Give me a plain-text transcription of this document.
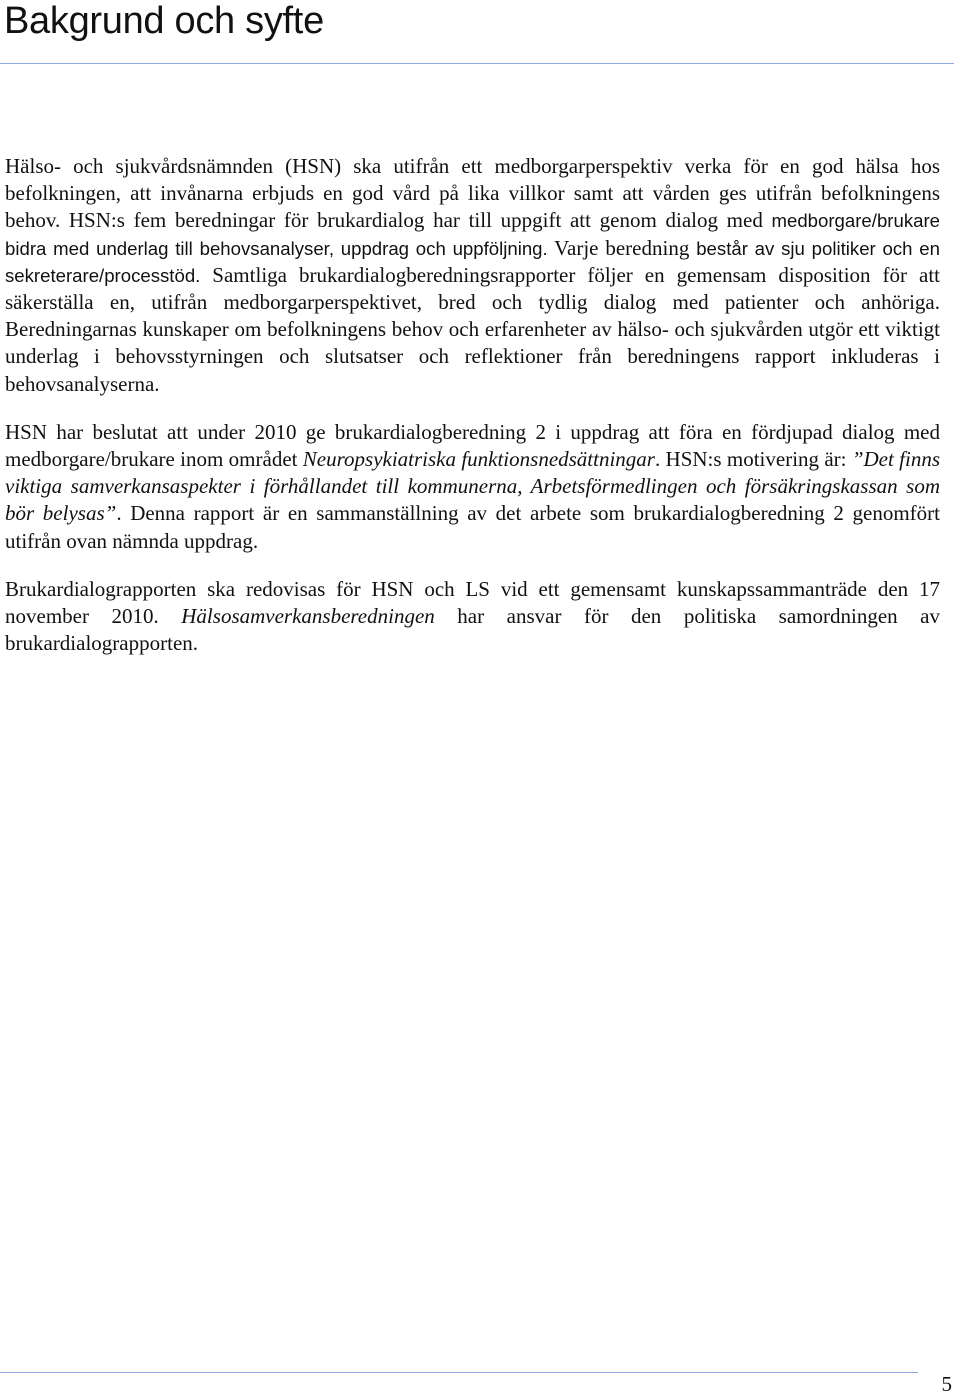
Bakgrund och syfte

Hälso- och sjukvårdsnämnden (HSN) ska utifrån ett medborgarperspektiv verka för en god hälsa hos befolkningen, att invånarna erbjuds en god vård på lika villkor samt att vården ges utifrån befolkningens behov. HSN:s fem beredningar för brukardialog har till uppgift att genom dialog med medborgare/brukare bidra med underlag till behovsanalyser, uppdrag och uppföljning. Varje beredning består av sju politiker och en sekreterare/processtöd. Samtliga brukardialogberedningsrapporter följer en gemensam disposition för att säkerställa en, utifrån medborgarperspektivet, bred och tydlig dialog med patienter och anhöriga. Beredningarnas kunskaper om befolkningens behov och erfarenheter av hälso- och sjukvården utgör ett viktigt underlag i behovsstyrningen och slutsatser och reflektioner från beredningens rapport inkluderas i behovsanalyserna.

HSN har beslutat att under 2010 ge brukardialogberedning 2 i uppdrag att föra en fördjupad dialog med medborgare/brukare inom området Neuropsykiatriska funktionsnedsättningar. HSN:s motivering är: ”Det finns viktiga samverkansaspekter i förhållandet till kommunerna, Arbetsförmedlingen och försäkringskassan som bör belysas”. Denna rapport är en sammanställning av det arbete som brukardialogberedning 2 genomfört utifrån ovan nämnda uppdrag.

Brukardialograpporten ska redovisas för HSN och LS vid ett gemensamt kunskapssammanträde den 17 november 2010. Hälsosamverkansberedningen har ansvar för den politiska samordningen av brukardialograpporten.

5
